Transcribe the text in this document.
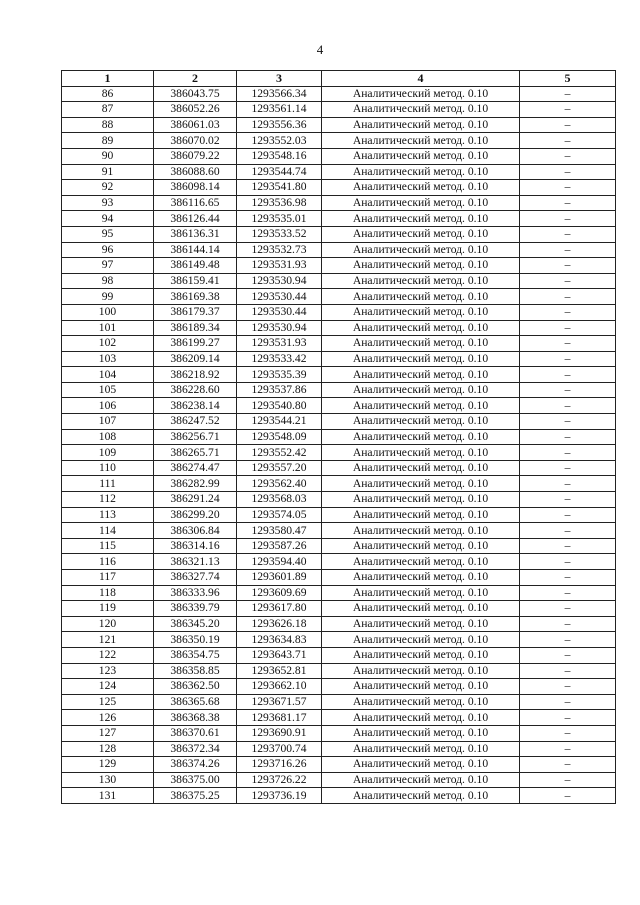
4
1	2	3	4	5
86	386043.75	1293566.34	Аналитический метод. 0.10	–
87	386052.26	1293561.14	Аналитический метод. 0.10	–
88	386061.03	1293556.36	Аналитический метод. 0.10	–
89	386070.02	1293552.03	Аналитический метод. 0.10	–
90	386079.22	1293548.16	Аналитический метод. 0.10	–
91	386088.60	1293544.74	Аналитический метод. 0.10	–
92	386098.14	1293541.80	Аналитический метод. 0.10	–
93	386116.65	1293536.98	Аналитический метод. 0.10	–
94	386126.44	1293535.01	Аналитический метод. 0.10	–
95	386136.31	1293533.52	Аналитический метод. 0.10	–
96	386144.14	1293532.73	Аналитический метод. 0.10	–
97	386149.48	1293531.93	Аналитический метод. 0.10	–
98	386159.41	1293530.94	Аналитический метод. 0.10	–
99	386169.38	1293530.44	Аналитический метод. 0.10	–
100	386179.37	1293530.44	Аналитический метод. 0.10	–
101	386189.34	1293530.94	Аналитический метод. 0.10	–
102	386199.27	1293531.93	Аналитический метод. 0.10	–
103	386209.14	1293533.42	Аналитический метод. 0.10	–
104	386218.92	1293535.39	Аналитический метод. 0.10	–
105	386228.60	1293537.86	Аналитический метод. 0.10	–
106	386238.14	1293540.80	Аналитический метод. 0.10	–
107	386247.52	1293544.21	Аналитический метод. 0.10	–
108	386256.71	1293548.09	Аналитический метод. 0.10	–
109	386265.71	1293552.42	Аналитический метод. 0.10	–
110	386274.47	1293557.20	Аналитический метод. 0.10	–
111	386282.99	1293562.40	Аналитический метод. 0.10	–
112	386291.24	1293568.03	Аналитический метод. 0.10	–
113	386299.20	1293574.05	Аналитический метод. 0.10	–
114	386306.84	1293580.47	Аналитический метод. 0.10	–
115	386314.16	1293587.26	Аналитический метод. 0.10	–
116	386321.13	1293594.40	Аналитический метод. 0.10	–
117	386327.74	1293601.89	Аналитический метод. 0.10	–
118	386333.96	1293609.69	Аналитический метод. 0.10	–
119	386339.79	1293617.80	Аналитический метод. 0.10	–
120	386345.20	1293626.18	Аналитический метод. 0.10	–
121	386350.19	1293634.83	Аналитический метод. 0.10	–
122	386354.75	1293643.71	Аналитический метод. 0.10	–
123	386358.85	1293652.81	Аналитический метод. 0.10	–
124	386362.50	1293662.10	Аналитический метод. 0.10	–
125	386365.68	1293671.57	Аналитический метод. 0.10	–
126	386368.38	1293681.17	Аналитический метод. 0.10	–
127	386370.61	1293690.91	Аналитический метод. 0.10	–
128	386372.34	1293700.74	Аналитический метод. 0.10	–
129	386374.26	1293716.26	Аналитический метод. 0.10	–
130	386375.00	1293726.22	Аналитический метод. 0.10	–
131	386375.25	1293736.19	Аналитический метод. 0.10	–
